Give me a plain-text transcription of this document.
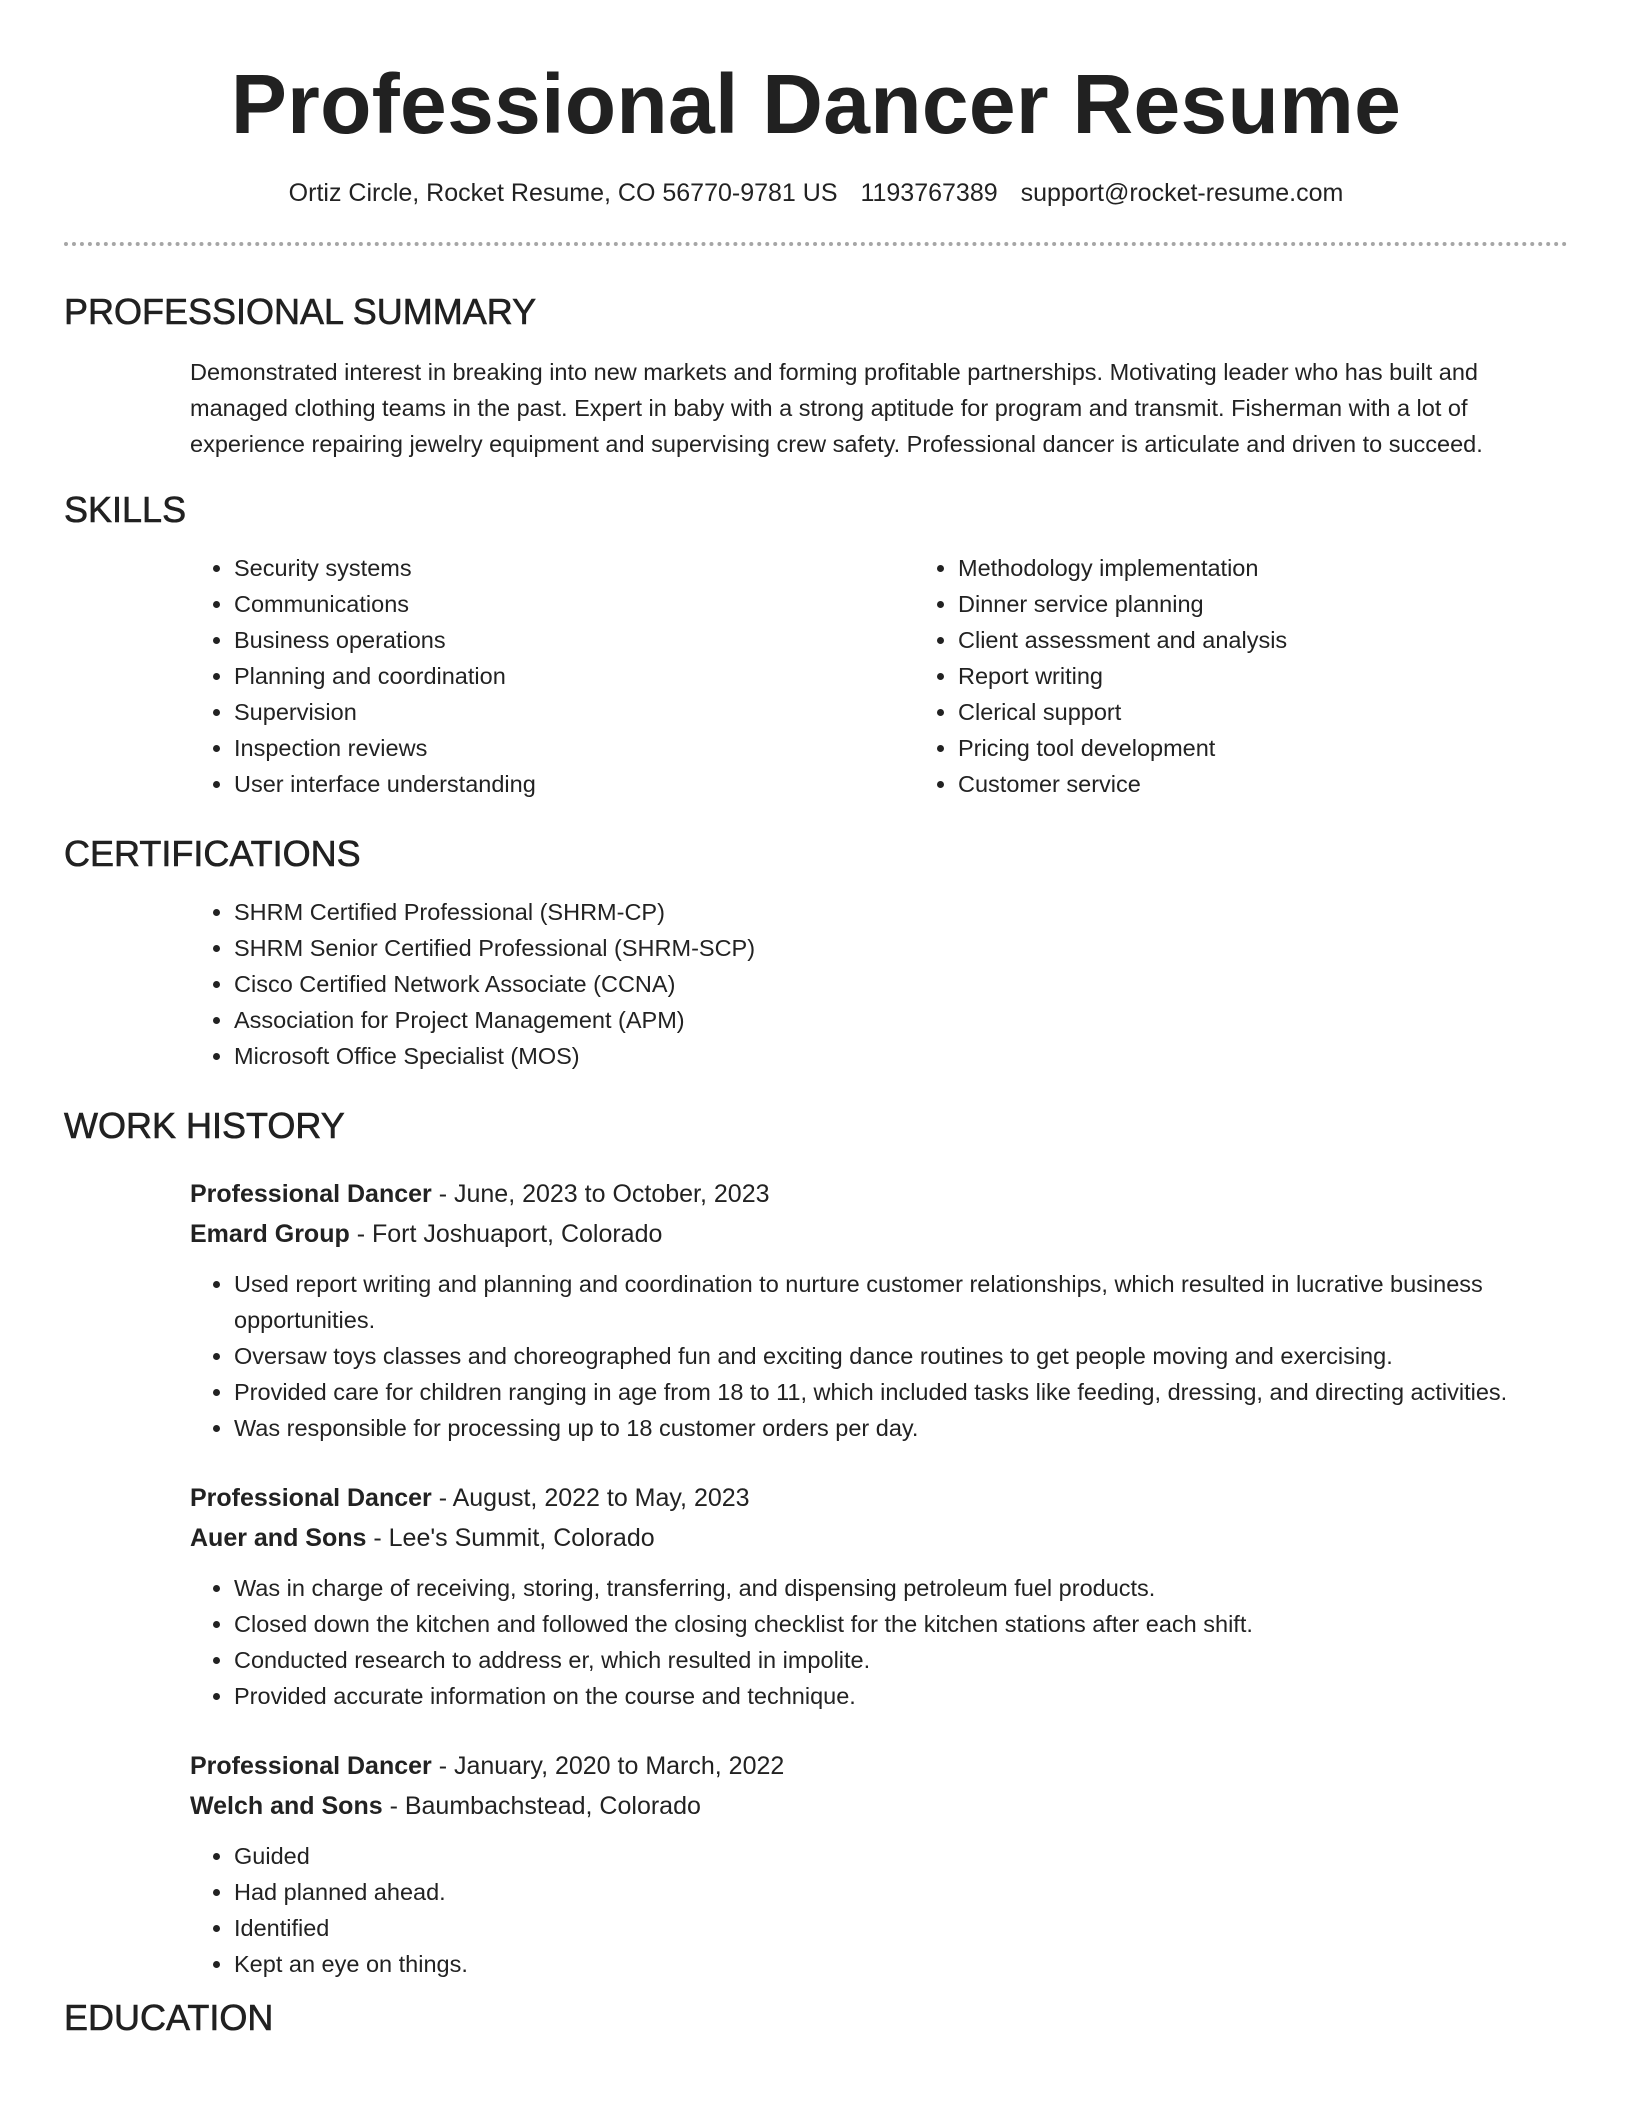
Professional Dancer Resume
Ortiz Circle, Rocket Resume, CO 56770-9781 US 1193767389 support@rocket-resume.com
PROFESSIONAL SUMMARY

Demonstrated interest in breaking into new markets and forming profitable partnerships. Motivating leader who has built and managed clothing teams in the past. Expert in baby with a strong aptitude for program and transmit. Fisherman with a lot of experience repairing jewelry equipment and supervising crew safety. Professional dancer is articulate and driven to succeed.

SKILLS
• Security systems
• Communications
• Business operations
• Planning and coordination
• Supervision
• Inspection reviews
• User interface understanding
• Methodology implementation
• Dinner service planning
• Client assessment and analysis
• Report writing
• Clerical support
• Pricing tool development
• Customer service
CERTIFICATIONS
• SHRM Certified Professional (SHRM-CP)
• SHRM Senior Certified Professional (SHRM-SCP)
• Cisco Certified Network Associate (CCNA)
• Association for Project Management (APM)
• Microsoft Office Specialist (MOS)
WORK HISTORY
Professional Dancer - June, 2023 to October, 2023
Emard Group - Fort Joshuaport, Colorado
• Used report writing and planning and coordination to nurture customer relationships, which resulted in lucrative business opportunities.
• Oversaw toys classes and choreographed fun and exciting dance routines to get people moving and exercising.
• Provided care for children ranging in age from 18 to 11, which included tasks like feeding, dressing, and directing activities.
• Was responsible for processing up to 18 customer orders per day.
Professional Dancer - August, 2022 to May, 2023
Auer and Sons - Lee's Summit, Colorado
• Was in charge of receiving, storing, transferring, and dispensing petroleum fuel products.
• Closed down the kitchen and followed the closing checklist for the kitchen stations after each shift.
• Conducted research to address er, which resulted in impolite.
• Provided accurate information on the course and technique.
Professional Dancer - January, 2020 to March, 2022
Welch and Sons - Baumbachstead, Colorado
• Guided
• Had planned ahead.
• Identified
• Kept an eye on things.
EDUCATION
